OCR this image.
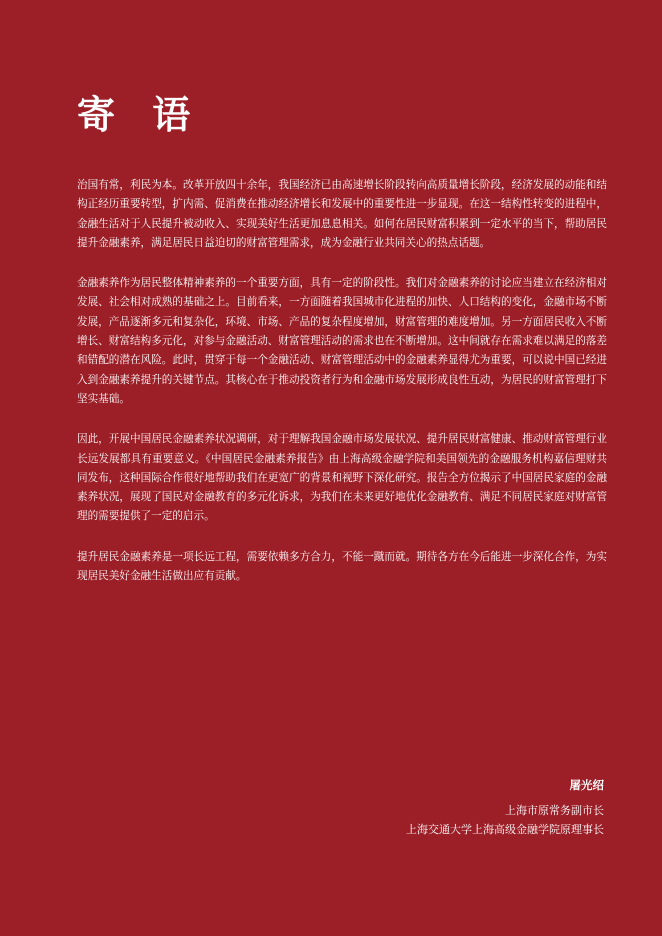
寄 语

治国有常，利民为本。改革开放四十余年，我国经济已由高速增长阶段转向高质量增长阶段，经济发展的动能和结构正经历重要转型，扩内需、促消费在推动经济增长和发展中的重要性进一步显现。在这一结构性转变的进程中，金融生活对于人民提升被动收入、实现美好生活更加息息相关。如何在居民财富积累到一定水平的当下，帮助居民提升金融素养，满足居民日益迫切的财富管理需求，成为金融行业共同关心的热点话题。

金融素养作为居民整体精神素养的一个重要方面，具有一定的阶段性。我们对金融素养的讨论应当建立在经济相对发展、社会相对成熟的基础之上。目前看来，一方面随着我国城市化进程的加快、人口结构的变化，金融市场不断发展，产品逐渐多元和复杂化，环境、市场、产品的复杂程度增加，财富管理的难度增加。另一方面居民收入不断增长、财富结构多元化，对参与金融活动、财富管理活动的需求也在不断增加。这中间就存在需求难以满足的落差和错配的潜在风险。此时，贯穿于每一个金融活动、财富管理活动中的金融素养显得尤为重要，可以说中国已经进入到金融素养提升的关键节点。其核心在于推动投资者行为和金融市场发展形成良性互动，为居民的财富管理打下坚实基础。

因此，开展中国居民金融素养状况调研，对于理解我国金融市场发展状况、提升居民财富健康、推动财富管理行业长远发展都具有重要意义。《中国居民金融素养报告》由上海高级金融学院和美国领先的金融服务机构嘉信理财共同发布，这种国际合作很好地帮助我们在更宽广的背景和视野下深化研究。报告全方位揭示了中国居民家庭的金融素养状况，展现了国民对金融教育的多元化诉求，为我们在未来更好地优化金融教育、满足不同居民家庭对财富管理的需要提供了一定的启示。

提升居民金融素养是一项长远工程，需要依赖多方合力，不能一蹴而就。期待各方在今后能进一步深化合作，为实现居民美好金融生活做出应有贡献。

屠光绍

上海市原常务副市长

上海交通大学上海高级金融学院原理事长
